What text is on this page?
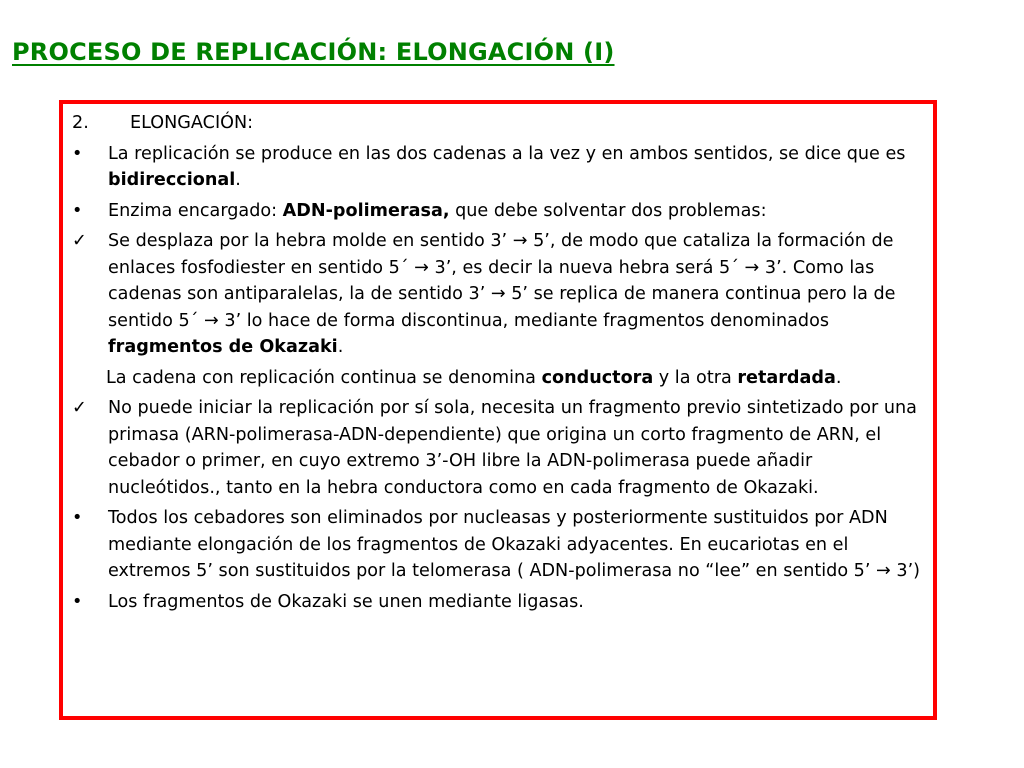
PROCESO DE REPLICACIÓN: ELONGACIÓN (I)
2.	ELONGACIÓN:
•	La replicación se produce en las dos cadenas a la vez y en ambos sentidos, se dice que es bidireccional.
•	Enzima encargado: ADN-polimerasa, que debe solventar dos problemas:
✓	Se desplaza por la hebra molde en sentido 3’ → 5’, de modo que cataliza la formación de enlaces fosfodiester en sentido 5´ → 3’, es decir la nueva hebra será 5´ → 3’. Como las cadenas son antiparalelas, la de sentido 3’ → 5’ se replica de manera continua pero la de sentido 5´ → 3’ lo hace de forma discontinua, mediante fragmentos denominados fragmentos de Okazaki.
La cadena con replicación continua se denomina conductora y la otra retardada.
✓	No puede iniciar la replicación por sí sola, necesita un fragmento previo sintetizado por una primasa (ARN-polimerasa-ADN-dependiente) que origina un corto fragmento de ARN, el cebador o primer, en cuyo extremo 3’-OH libre la ADN-polimerasa puede añadir nucleótidos., tanto en la hebra conductora como en cada fragmento de Okazaki.
•	Todos los cebadores son eliminados por nucleasas y posteriormente sustituidos por ADN mediante elongación de los fragmentos de Okazaki adyacentes. En eucariotas en el extremos 5’ son sustituidos por la telomerasa ( ADN-polimerasa no “lee” en sentido 5’ → 3’)
•	Los fragmentos de Okazaki se unen mediante ligasas.
